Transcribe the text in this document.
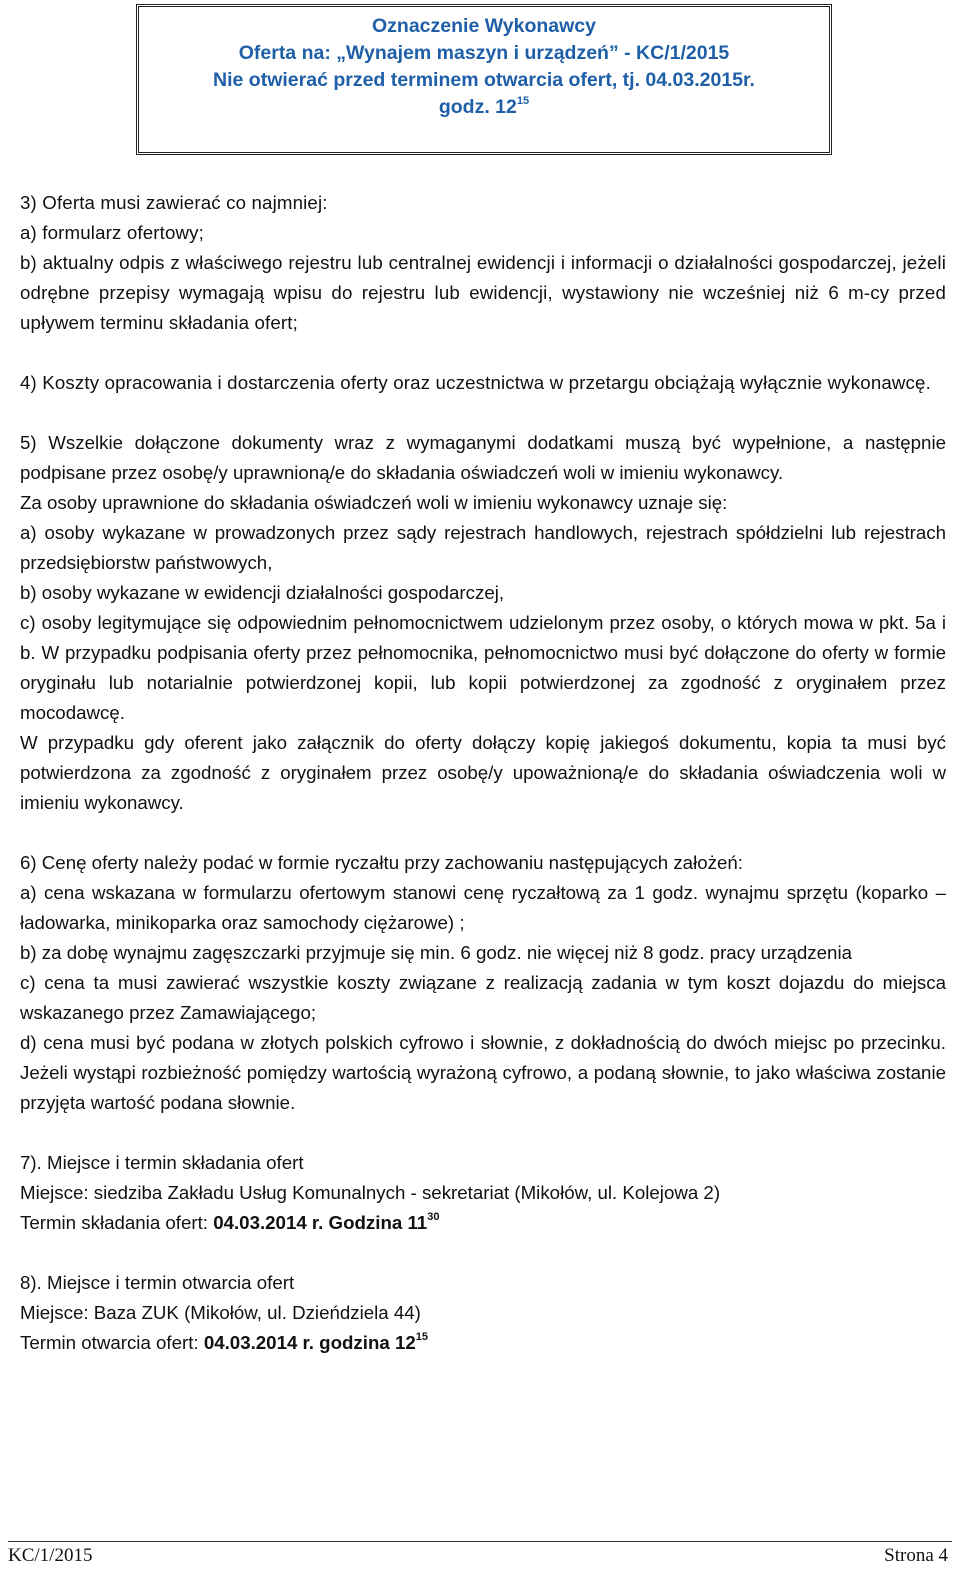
Oznaczenie Wykonawcy
Oferta na: „Wynajem maszyn i urządzeń” - KC/1/2015
Nie otwierać przed terminem otwarcia ofert, tj. 04.03.2015r.
godz. $12^{15}$

3) Oferta musi zawierać co najmniej:

a) formularz ofertowy;

b) aktualny odpis z właściwego rejestru lub centralnej ewidencji i informacji o działalności gospodarczej, jeżeli odrębne przepisy wymagają wpisu do rejestru lub ewidencji, wystawiony nie wcześniej niż 6 m-cy przed upływem terminu składania ofert;

4) Koszty opracowania i dostarczenia oferty oraz uczestnictwa w przetargu obciążają wyłącznie wykonawcę.

5) Wszelkie dołączone dokumenty wraz z wymaganymi dodatkami muszą być wypełnione, a następnie podpisane przez osobę/y uprawnioną/e do składania oświadczeń woli w imieniu wykonawcy.

Za osoby uprawnione do składania oświadczeń woli w imieniu wykonawcy uznaje się:

a) osoby wykazane w prowadzonych przez sądy rejestrach handlowych, rejestrach spółdzielni lub rejestrach przedsiębiorstw państwowych,

b) osoby wykazane w ewidencji działalności gospodarczej,

c) osoby legitymujące się odpowiednim pełnomocnictwem udzielonym przez osoby, o których mowa w pkt. 5a i b. W przypadku podpisania oferty przez pełnomocnika, pełnomocnictwo musi być dołączone do oferty w formie oryginału lub notarialnie potwierdzonej kopii, lub kopii potwierdzonej za zgodność z oryginałem przez mocodawcę.

W przypadku gdy oferent jako załącznik do oferty dołączy kopię jakiegoś dokumentu, kopia ta musi być potwierdzona za zgodność z oryginałem przez osobę/y upoważnioną/e do składania oświadczenia woli w imieniu wykonawcy.

6) Cenę oferty należy podać w formie ryczałtu przy zachowaniu następujących założeń:

a) cena wskazana w formularzu ofertowym stanowi cenę ryczałtową za 1 godz. wynajmu sprzętu (koparko – ładowarka, minikoparka oraz samochody ciężarowe) ;

b) za dobę wynajmu zagęszczarki przyjmuje się min. 6 godz. nie więcej niż 8 godz. pracy urządzenia

c) cena ta musi zawierać wszystkie koszty związane z realizacją zadania w tym koszt dojazdu do miejsca wskazanego przez Zamawiającego;

d) cena musi być podana w złotych polskich cyfrowo i słownie, z dokładnością do dwóch miejsc po przecinku. Jeżeli wystąpi rozbieżność pomiędzy wartością wyrażoną cyfrowo, a podaną słownie, to jako właściwa zostanie przyjęta wartość podana słownie.

7). Miejsce i termin składania ofert

Miejsce: siedziba Zakładu Usług Komunalnych - sekretariat (Mikołów, ul. Kolejowa 2)

Termin składania ofert: 04.03.2014 r. Godzina $11^{30}$

8). Miejsce i termin otwarcia ofert

Miejsce: Baza ZUK (Mikołów, ul. Dzieńdziela 44)

Termin otwarcia ofert: 04.03.2014 r. godzina $12^{15}$

KC/1/2015	Strona 4
